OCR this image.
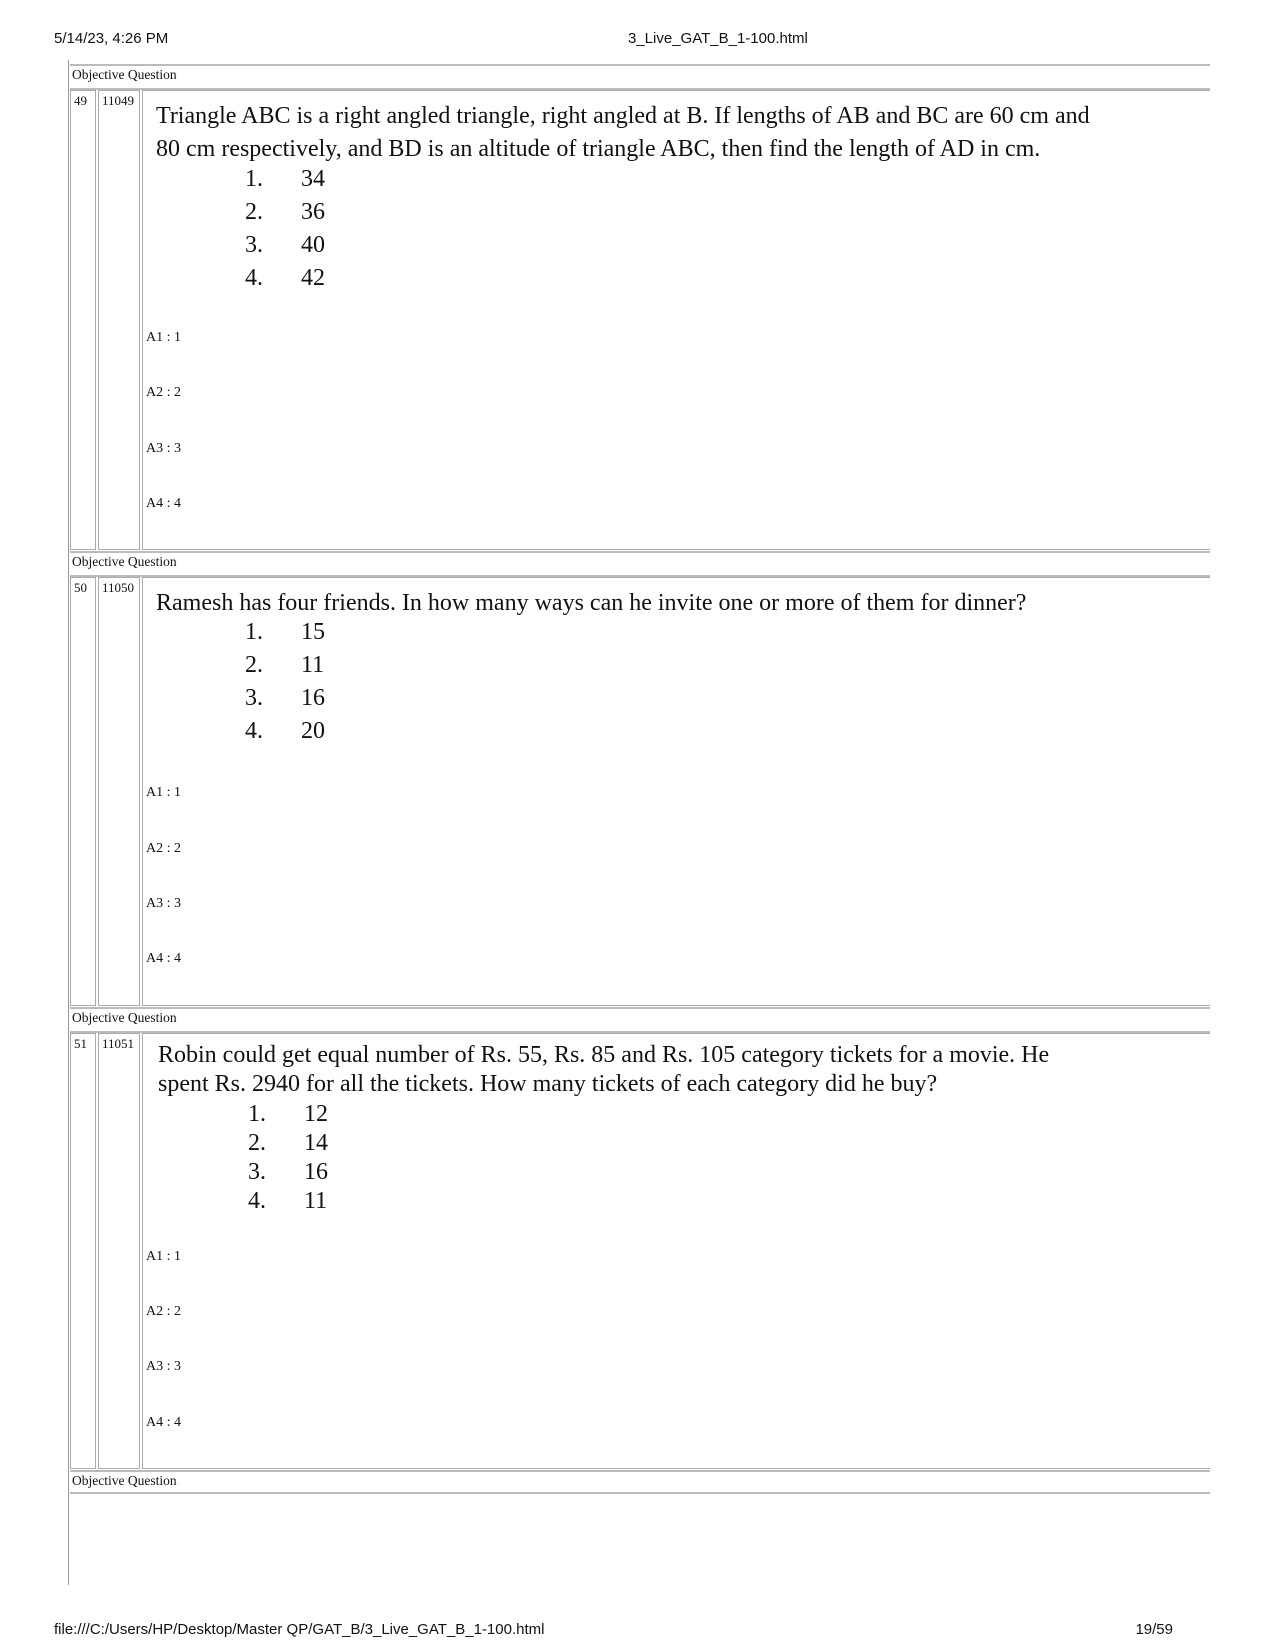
5/14/23, 4:26 PM	3_Live_GAT_B_1-100.html
Objective Question
Objective Question
Objective Question
Objective Question
49	11049
Triangle ABC is a right angled triangle, right angled at B. If lengths of AB and BC are 60 cm and
80 cm respectively, and BD is an altitude of triangle ABC, then find the length of AD in cm.
1.	34
2.	36
3.	40
4.	42
A1 : 1
A2 : 2
A3 : 3
A4 : 4
50	11050
Ramesh has four friends. In how many ways can he invite one or more of them for dinner?
1.	15
2.	11
3.	16
4.	20
A1 : 1
A2 : 2
A3 : 3
A4 : 4
51	11051 Robin could get equal number of Rs. 55, Rs. 85 and Rs. 105 category tickets for a movie. He
spent Rs. 2940 for all the tickets. How many tickets of each category did he buy?
1.	12
2.	14
3.	16
4.	11
A1 : 1
A2 : 2
A3 : 3
A4 : 4
file:///C:/Users/HP/Desktop/Master QP/GAT_B/3_Live_GAT_B_1-100.html	19/59
